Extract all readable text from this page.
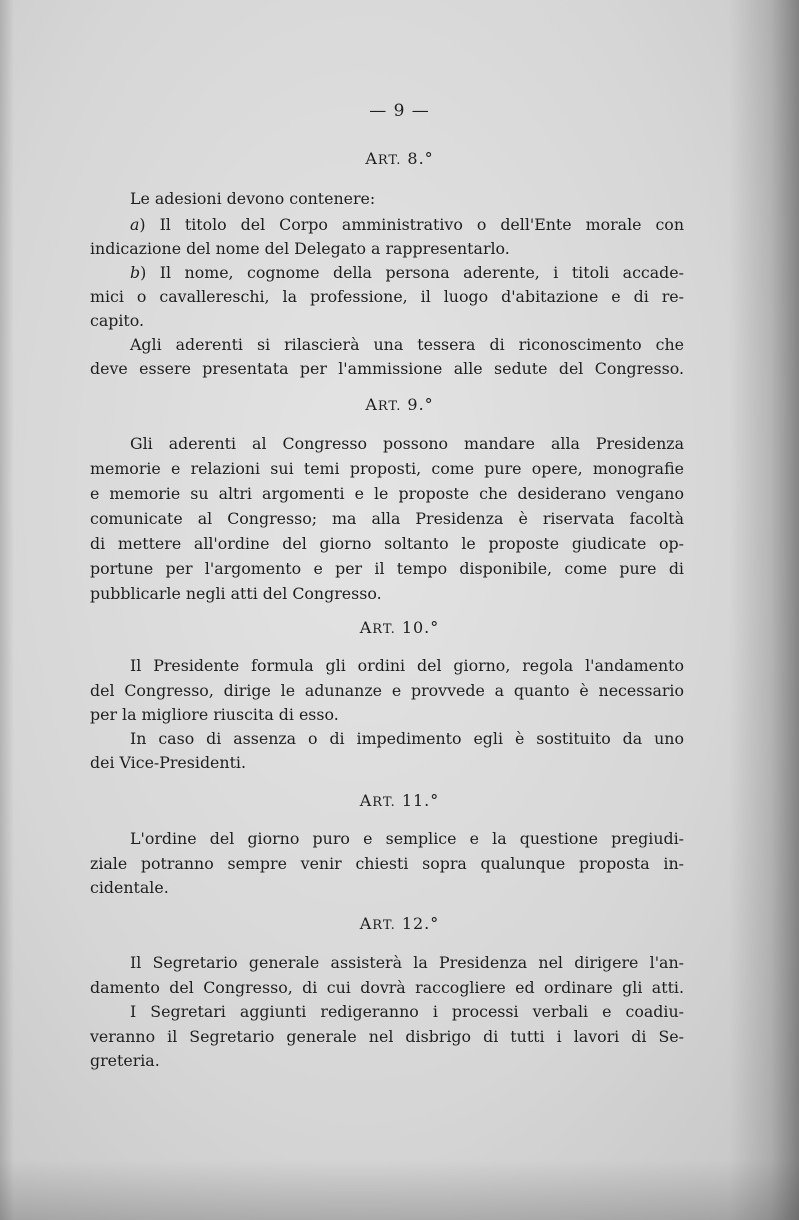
— 9 —
ART. 8.°
Le adesioni devono contenere:
a) Il titolo del Corpo amministrativo o dell'Ente morale con
indicazione del nome del Delegato a rappresentarlo.
b) Il nome, cognome della persona aderente, i titoli accade-
mici o cavallereschi, la professione, il luogo d'abitazione e di re-
capito.
Agli aderenti si rilascierà una tessera di riconoscimento che
deve essere presentata per l'ammissione alle sedute del Congresso.
ART. 9.°
Gli aderenti al Congresso possono mandare alla Presidenza
memorie e relazioni sui temi proposti, come pure opere, monografie
e memorie su altri argomenti e le proposte che desiderano vengano
comunicate al Congresso; ma alla Presidenza è riservata facoltà
di mettere all'ordine del giorno soltanto le proposte giudicate op-
portune per l'argomento e per il tempo disponibile, come pure di
pubblicarle negli atti del Congresso.
ART. 10.°
Il Presidente formula gli ordini del giorno, regola l'andamento
del Congresso, dirige le adunanze e provvede a quanto è necessario
per la migliore riuscita di esso.
In caso di assenza o di impedimento egli è sostituito da uno
dei Vice-Presidenti.
ART. 11.°
L'ordine del giorno puro e semplice e la questione pregiudi-
ziale potranno sempre venir chiesti sopra qualunque proposta in-
cidentale.
ART. 12.°
Il Segretario generale assisterà la Presidenza nel dirigere l'an-
damento del Congresso, di cui dovrà raccogliere ed ordinare gli atti.
I Segretari aggiunti redigeranno i processi verbali e coadiu-
veranno il Segretario generale nel disbrigo di tutti i lavori di Se-
greteria.
